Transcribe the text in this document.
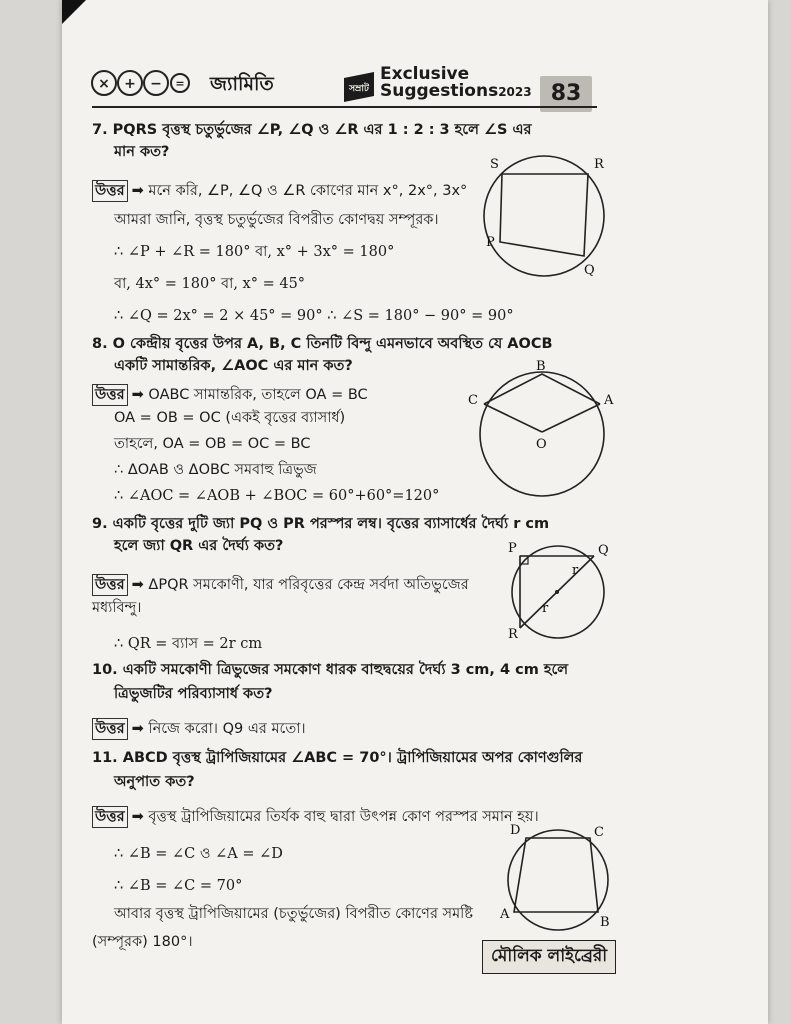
× + − = জ্যামিতি	সম্রাট
Exclusive
Suggestions2023 83
7. PQRS বৃত্তস্থ চতুর্ভুজের ∠P, ∠Q ও ∠R এর 1 : 2 : 3 হলে ∠S এর
মান কত?
উত্তর ➡ মনে করি, ∠P, ∠Q ও ∠R কোণের মান x°, 2x°, 3x°
আমরা জানি, বৃত্তস্থ চতুর্ভুজের বিপরীত কোণদ্বয় সম্পূরক।
∴ ∠P + ∠R = 180° বা, x° + 3x° = 180°
বা, 4x° = 180° বা, x° = 45°
∴ ∠Q = 2x° = 2 × 45° = 90° ∴ ∠S = 180° − 90° = 90°
S	R
P
Q
8. O কেন্দ্রীয় বৃত্তের উপর A, B, C তিনটি বিন্দু এমনভাবে অবস্থিত যে AOCB
একটি সামান্তরিক, ∠AOC এর মান কত?
উত্তর ➡ OABC সামান্তরিক, তাহলে OA = BC
OA = OB = OC (একই বৃত্তের ব্যাসার্ধ)
তাহলে, OA = OB = OC = BC
∴ ΔOAB ও ΔOBC সমবাহু ত্রিভুজ
∴ ∠AOC = ∠AOB + ∠BOC = 60°+60°=120°
B
C	A
O
9. একটি বৃত্তের দুটি জ্যা PQ ও PR পরস্পর লম্ব। বৃত্তের ব্যাসার্ধের দৈর্ঘ্য r cm
হলে জ্যা QR এর দৈর্ঘ্য কত?
উত্তর ➡ ΔPQR সমকোণী, যার পরিবৃত্তের কেন্দ্র সর্বদা অতিভুজের
মধ্যবিন্দু।
∴ QR = ব্যাস = 2r cm
P	Q
R
r
r
10. একটি সমকোণী ত্রিভুজের সমকোণ ধারক বাহুদ্বয়ের দৈর্ঘ্য 3 cm, 4 cm হলে
ত্রিভুজটির পরিব্যাসার্ধ কত?
উত্তর ➡ নিজে করো। Q9 এর মতো।
11. ABCD বৃত্তস্থ ট্রাপিজিয়ামের ∠ABC = 70°। ট্রাপিজিয়ামের অপর কোণগুলির
অনুপাত কত?
উত্তর ➡ বৃত্তস্থ ট্রাপিজিয়ামের তির্যক বাহু দ্বারা উৎপন্ন কোণ পরস্পর সমান হয়।
∴ ∠B = ∠C ও ∠A = ∠D
∴ ∠B = ∠C = 70°
আবার বৃত্তস্থ ট্রাপিজিয়ামের (চতুর্ভুজের) বিপরীত কোণের সমষ্টি
(সম্পূরক) 180°।
D	C
A
B
মৌলিক লাইব্রেরী
